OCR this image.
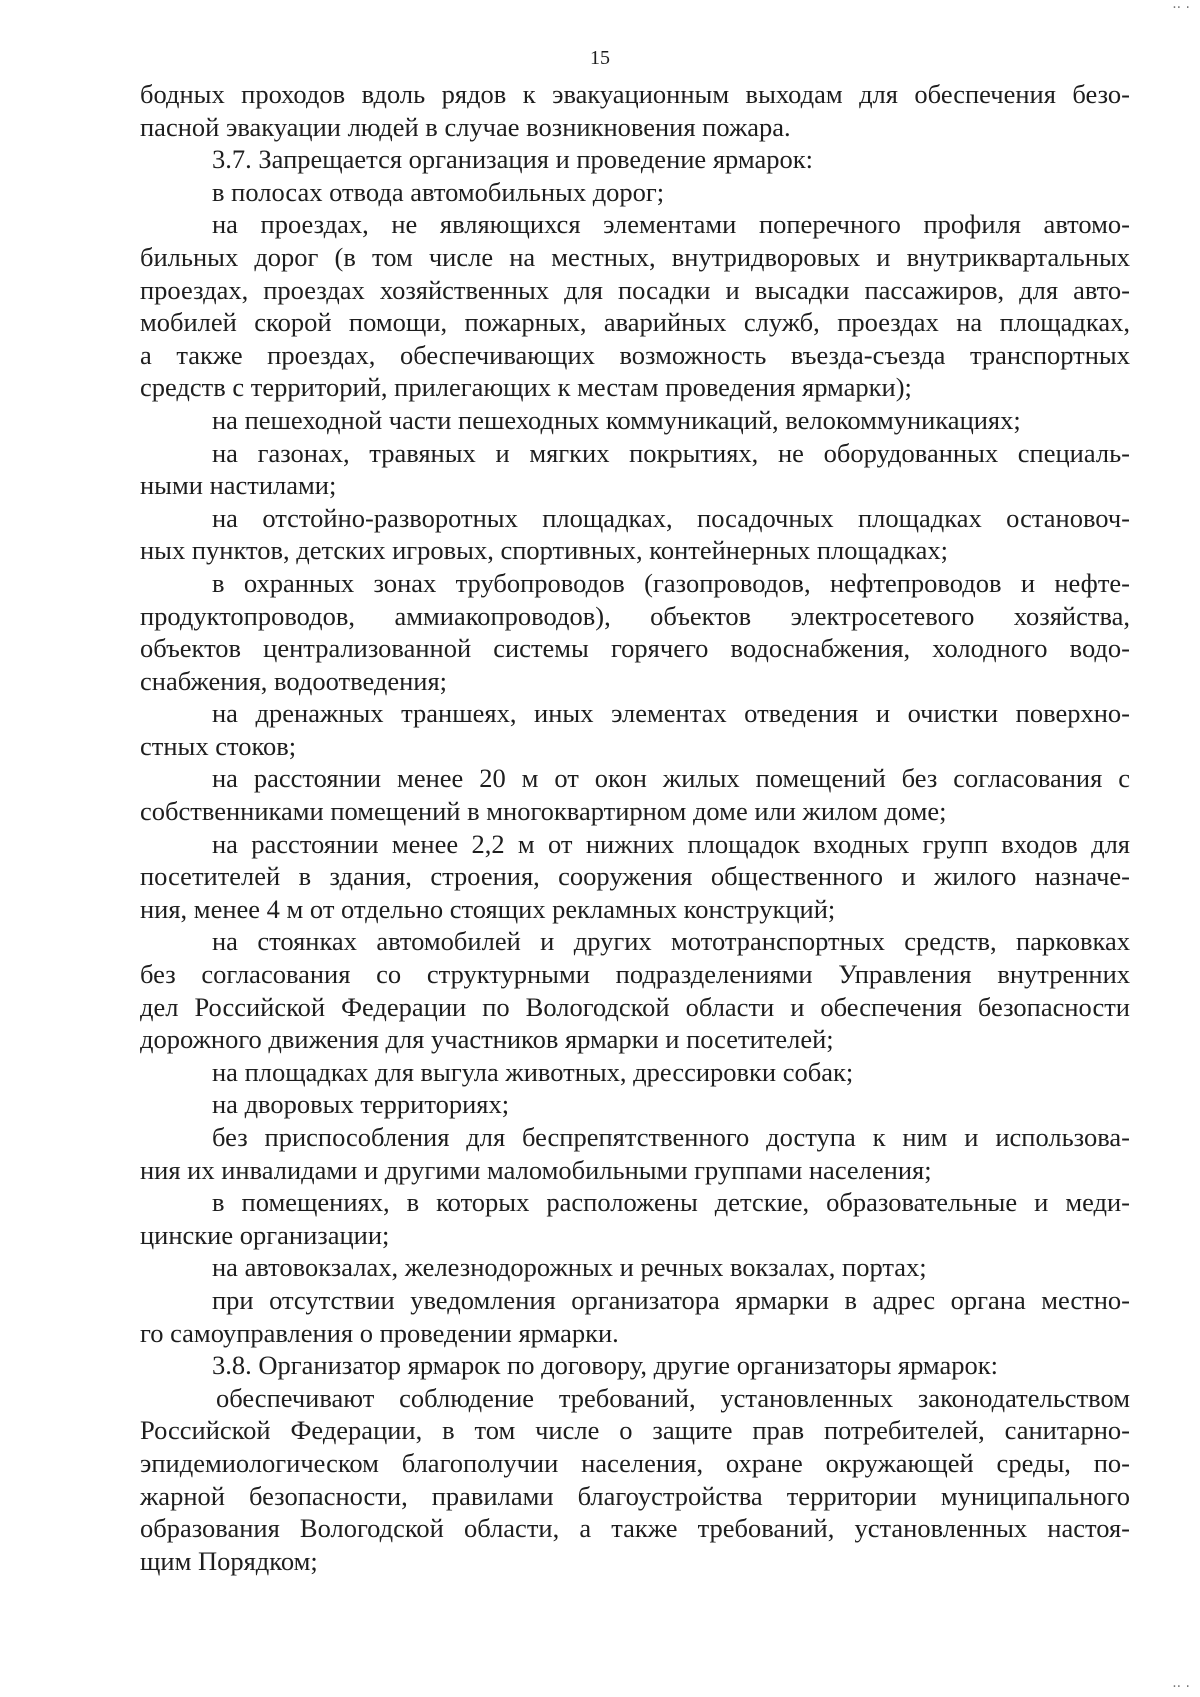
15
бодных проходов вдоль рядов к эвакуационным выходам для обеспечения безо-
пасной эвакуации людей в случае возникновения пожара.
3.7. Запрещается организация и проведение ярмарок:
в полосах отвода автомобильных дорог;
на проездах, не являющихся элементами поперечного профиля автомо-
бильных дорог (в том числе на местных, внутридворовых и внутриквартальных
проездах, проездах хозяйственных для посадки и высадки пассажиров, для авто-
мобилей скорой помощи, пожарных, аварийных служб, проездах на площадках,
а также проездах, обеспечивающих возможность въезда-съезда транспортных
средств с территорий, прилегающих к местам проведения ярмарки);
на пешеходной части пешеходных коммуникаций, велокоммуникациях;
на газонах, травяных и мягких покрытиях, не оборудованных специаль-
ными настилами;
на отстойно-разворотных площадках, посадочных площадках остановоч-
ных пунктов, детских игровых, спортивных, контейнерных площадках;
в охранных зонах трубопроводов (газопроводов, нефтепроводов и нефте-
продуктопроводов, аммиакопроводов), объектов электросетевого хозяйства,
объектов централизованной системы горячего водоснабжения, холодного водо-
снабжения, водоотведения;
на дренажных траншеях, иных элементах отведения и очистки поверхно-
стных стоков;
на расстоянии менее 20 м от окон жилых помещений без согласования с
собственниками помещений в многоквартирном доме или жилом доме;
на расстоянии менее 2,2 м от нижних площадок входных групп входов для
посетителей в здания, строения, сооружения общественного и жилого назначе-
ния, менее 4 м от отдельно стоящих рекламных конструкций;
на стоянках автомобилей и других мототранспортных средств, парковках
без согласования со структурными подразделениями Управления внутренних
дел Российской Федерации по Вологодской области и обеспечения безопасности
дорожного движения для участников ярмарки и посетителей;
на площадках для выгула животных, дрессировки собак;
на дворовых территориях;
без приспособления для беспрепятственного доступа к ним и использова-
ния их инвалидами и другими маломобильными группами населения;
в помещениях, в которых расположены детские, образовательные и меди-
цинские организации;
на автовокзалах, железнодорожных и речных вокзалах, портах;
при отсутствии уведомления организатора ярмарки в адрес органа местно-
го самоуправления о проведении ярмарки.
3.8. Организатор ярмарок по договору, другие организаторы ярмарок:
обеспечивают соблюдение требований, установленных законодательством
Российской Федерации, в том числе о защите прав потребителей, санитарно-
эпидемиологическом благополучии населения, охране окружающей среды, по-
жарной безопасности, правилами благоустройства территории муниципального
образования Вологодской области, а также требований, установленных настоя-
щим Порядком;
·· ·
·· ·
